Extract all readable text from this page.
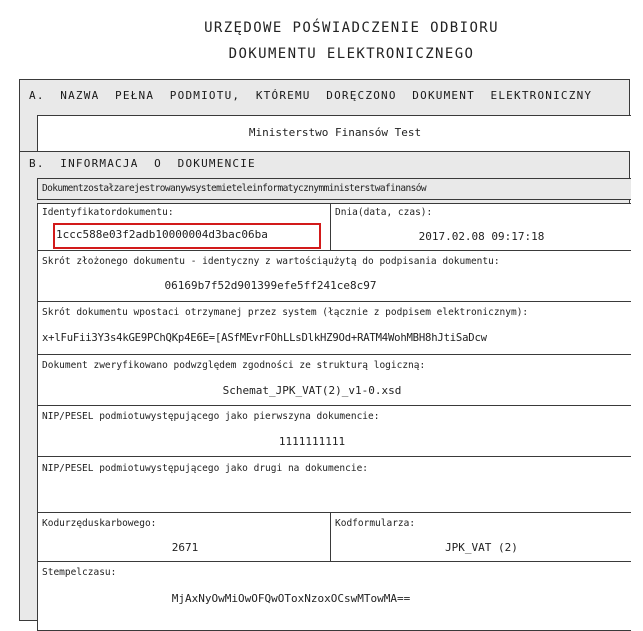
URZĘDOWE POŚWIADCZENIE ODBIORU
DOKUMENTU ELEKTRONICZNEGO
A.  NAZWA  PEŁNA  PODMIOTU,  KTÓREMU  DORĘCZONO  DOKUMENT  ELEKTRONICZNY
Ministerstwo Finansów Test
B.  INFORMACJA  O  DOKUMENCIE
Dokumentzostałzarejestrowanywsystemieteleinformatycznymministerstwafinansów
Identyfikatordokumentu:
1ccc588e03f2adb10000004d3bac06ba
Dnia(data, czas):
2017.02.08 09:17:18
Skrót złożonego dokumentu - identyczny z wartościąużytą do podpisania dokumentu:
06169b7f52d901399efe5ff241ce8c97
Skrót dokumentu wpostaci otrzymanej przez system (łącznie z podpisem elektronicznym):
x+lFuFii3Y3s4kGE9PChQKp4E6E=[ASfMEvrFOhLLsDlkHZ9Od+RATM4WohMBH8hJtiSaDcw
Dokument zweryfikowano podwzględem zgodności ze strukturą logiczną:
Schemat_JPK_VAT(2)_v1-0.xsd
NIP/PESEL podmiotuwystępującego jako pierwszyna dokumencie:
1111111111
NIP/PESEL podmiotuwystępującego jako drugi na dokumencie:
Kodurzęduskarbowego:
2671
Kodformularza:
JPK_VAT (2)
Stempelczasu:
MjAxNyOwMiOwOFQwOToxNzoxOCswMTowMA==
